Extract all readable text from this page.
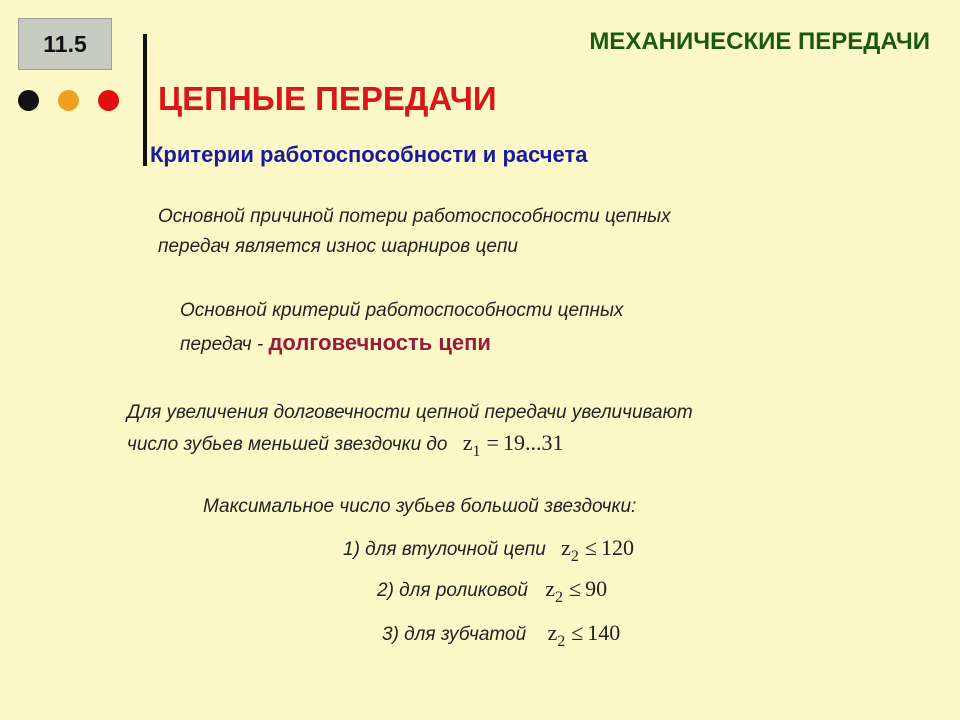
11.5	МЕХАНИЧЕСКИЕ ПЕРЕДАЧИ
ЦЕПНЫЕ ПЕРЕДАЧИ
Критерии работоспособности и расчета
Основной причиной потери работоспособности цепных
передач является износ шарниров цепи
Основной критерий работоспособности цепных
передач - долговечность цепи
Для увеличения долговечности цепной передачи увеличивают
число зубьев меньшей звездочки до $z_1 = 19...31$
Максимальное число зубьев большой звездочки:
1) для втулочной цепи $z_2 \le 120$
2) для роликовой $z_2 \le 90$
3) для зубчатой $z_2 \le 140$
